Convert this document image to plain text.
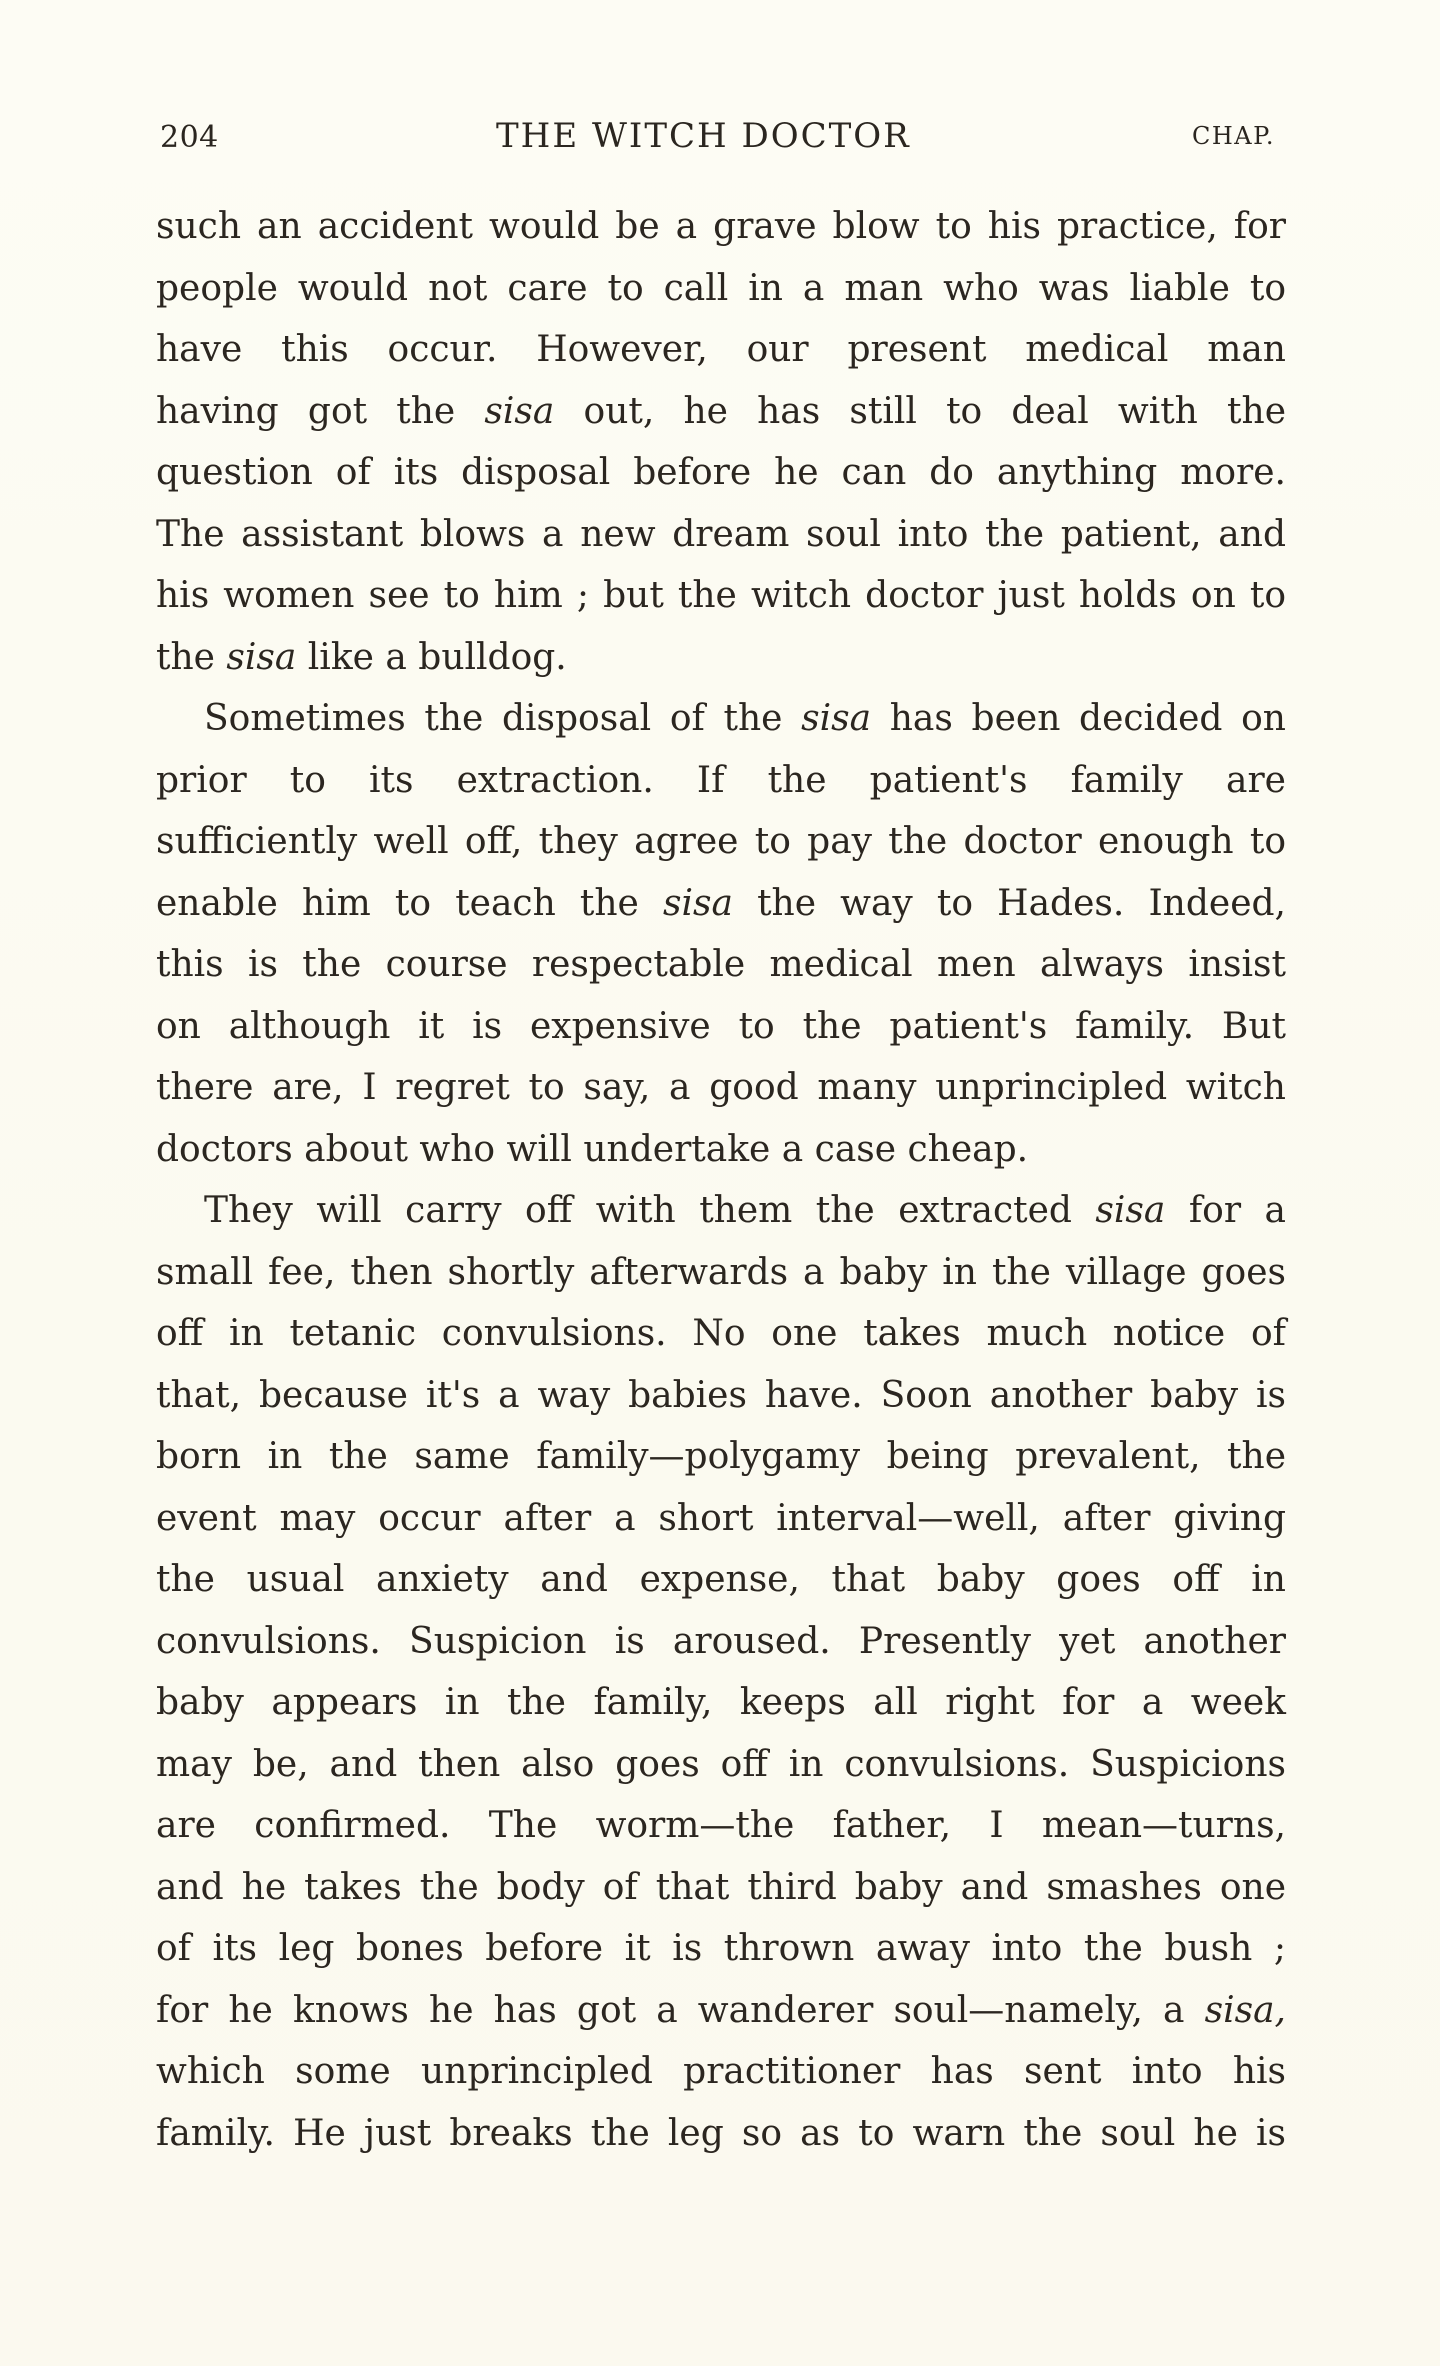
204	THE WITCH DOCTOR	CHAP.
such an accident would be a grave blow to his practice, for
people would not care to call in a man who was liable to
have this occur. However, our present medical man
having got the sisa out, he has still to deal with the
question of its disposal before he can do anything more.
The assistant blows a new dream soul into the patient, and
his women see to him ; but the witch doctor just holds on to
the sisa like a bulldog.
Sometimes the disposal of the sisa has been decided on
prior to its extraction. If the patient's family are
sufficiently well off, they agree to pay the doctor enough to
enable him to teach the sisa the way to Hades. Indeed,
this is the course respectable medical men always insist
on although it is expensive to the patient's family. But
there are, I regret to say, a good many unprincipled witch
doctors about who will undertake a case cheap.
They will carry off with them the extracted sisa for a
small fee, then shortly afterwards a baby in the village goes
off in tetanic convulsions. No one takes much notice of
that, because it's a way babies have. Soon another baby is
born in the same family—polygamy being prevalent, the
event may occur after a short interval—well, after giving
the usual anxiety and expense, that baby goes off in
convulsions. Suspicion is aroused. Presently yet another
baby appears in the family, keeps all right for a week
may be, and then also goes off in convulsions. Suspicions
are confirmed. The worm—the father, I mean—turns,
and he takes the body of that third baby and smashes one
of its leg bones before it is thrown away into the bush ;
for he knows he has got a wanderer soul—namely, a sisa,
which some unprincipled practitioner has sent into his
family. He just breaks the leg so as to warn the soul he is
